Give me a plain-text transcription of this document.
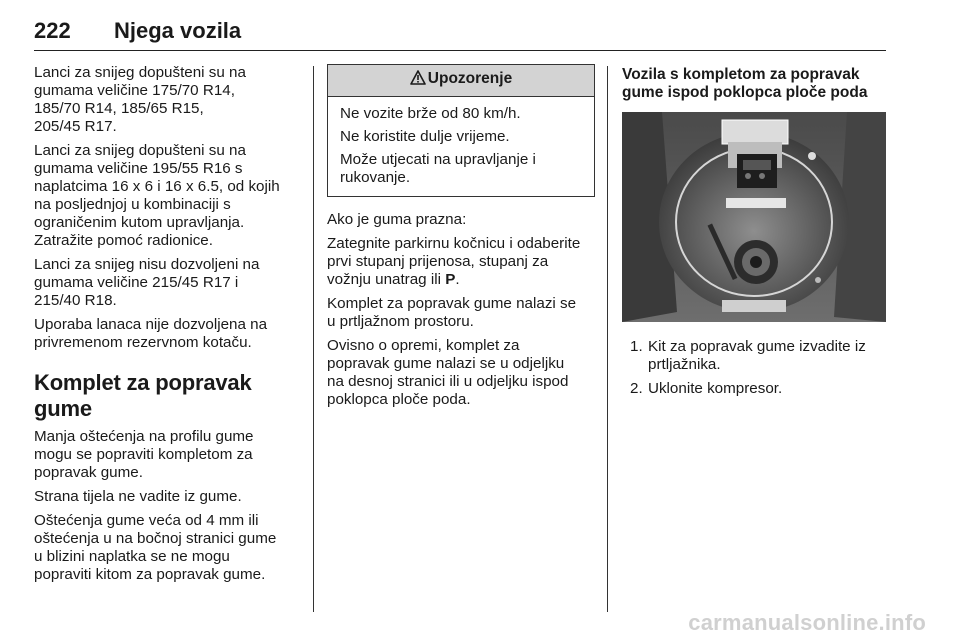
222 Njega vozila

Lanci za snijeg dopušteni su na
gumama veličine 175/70 R14,
185/70 R14, 185/65 R15,
205/45 R17.

Lanci za snijeg dopušteni su na
gumama veličine 195/55 R16 s
naplatcima 16 x 6 i 16 x 6.5, od kojih
na posljednjoj u kombinaciji s
ograničenim kutom upravljanja.
Zatražite pomoć radionice.

Lanci za snijeg nisu dozvoljeni na
gumama veličine 215/45 R17 i
215/40 R18.

Uporaba lanaca nije dozvoljena na
privremenom rezervnom kotaču.

Komplet za popravak gume

Manja oštećenja na profilu gume
mogu se popraviti kompletom za
popravak gume.

Strana tijela ne vadite iz gume.

Oštećenja gume veća od 4 mm ili
oštećenja u na bočnoj stranici gume
u blizini naplatka se ne mogu
popraviti kitom za popravak gume.

Upozorenje

Ne vozite brže od 80 km/h.

Ne koristite dulje vrijeme.

Može utjecati na upravljanje i
rukovanje.

Ako je guma prazna:

Zategnite parkirnu kočnicu i odaberite
prvi stupanj prijenosa, stupanj za
vožnju unatrag ili P.

Komplet za popravak gume nalazi se
u prtljažnom prostoru.

Ovisno o opremi, komplet za
popravak gume nalazi se u odjeljku
na desnoj stranici ili u odjeljku ispod
poklopca ploče poda.

Vozila s kompletom za popravak
gume ispod poklopca ploče poda
1. Kit za popravak gume izvadite iz
prtljažnika.
2. Uklonite kompresor.
carmanualsonline.info
